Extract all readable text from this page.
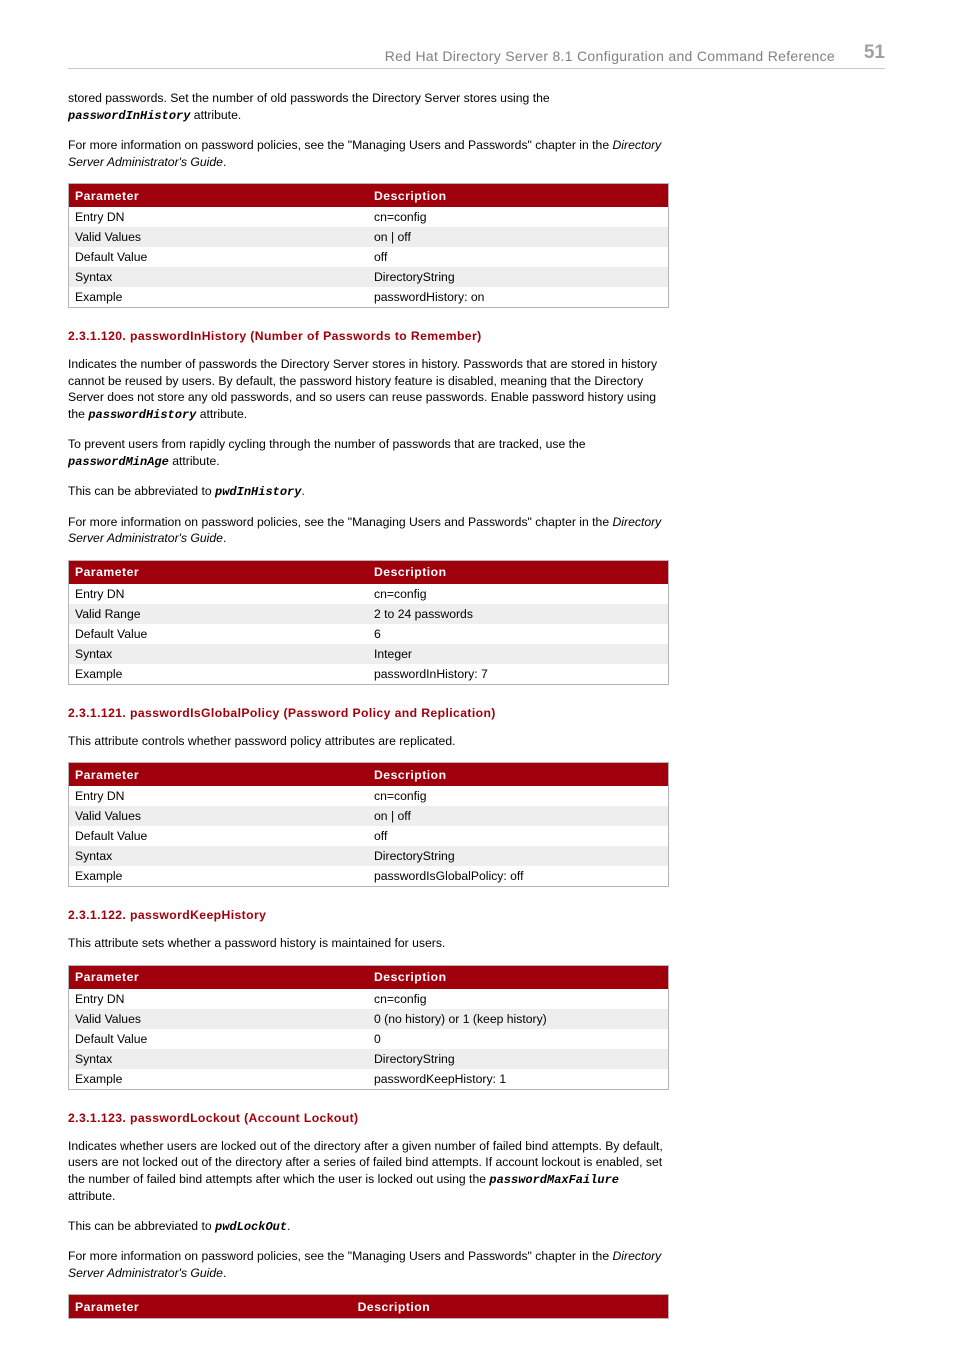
Red Hat Directory Server 8.1 Configuration and Command Reference 51

stored passwords. Set the number of old passwords the Directory Server stores using the passwordInHistory attribute.

For more information on password policies, see the "Managing Users and Passwords" chapter in the Directory Server Administrator's Guide.

Parameter	Description
Entry DN	cn=config
Valid Values	on | off
Default Value	off
Syntax	DirectoryString
Example	passwordHistory: on
2.3.1.120. passwordInHistory (Number of Passwords to Remember)

Indicates the number of passwords the Directory Server stores in history. Passwords that are stored in history cannot be reused by users. By default, the password history feature is disabled, meaning that the Directory Server does not store any old passwords, and so users can reuse passwords. Enable password history using the passwordHistory attribute.

To prevent users from rapidly cycling through the number of passwords that are tracked, use the passwordMinAge attribute.

This can be abbreviated to pwdInHistory.

For more information on password policies, see the "Managing Users and Passwords" chapter in the Directory Server Administrator's Guide.

Parameter	Description
Entry DN	cn=config
Valid Range	2 to 24 passwords
Default Value	6
Syntax	Integer
Example	passwordInHistory: 7
2.3.1.121. passwordIsGlobalPolicy (Password Policy and Replication)

This attribute controls whether password policy attributes are replicated.

Parameter	Description
Entry DN	cn=config
Valid Values	on | off
Default Value	off
Syntax	DirectoryString
Example	passwordIsGlobalPolicy: off
2.3.1.122. passwordKeepHistory

This attribute sets whether a password history is maintained for users.

Parameter	Description
Entry DN	cn=config
Valid Values	0 (no history) or 1 (keep history)
Default Value	0
Syntax	DirectoryString
Example	passwordKeepHistory: 1
2.3.1.123. passwordLockout (Account Lockout)

Indicates whether users are locked out of the directory after a given number of failed bind attempts. By default, users are not locked out of the directory after a series of failed bind attempts. If account lockout is enabled, set the number of failed bind attempts after which the user is locked out using the passwordMaxFailure attribute.

This can be abbreviated to pwdLockOut.

For more information on password policies, see the "Managing Users and Passwords" chapter in the Directory Server Administrator's Guide.

Parameter	Description
